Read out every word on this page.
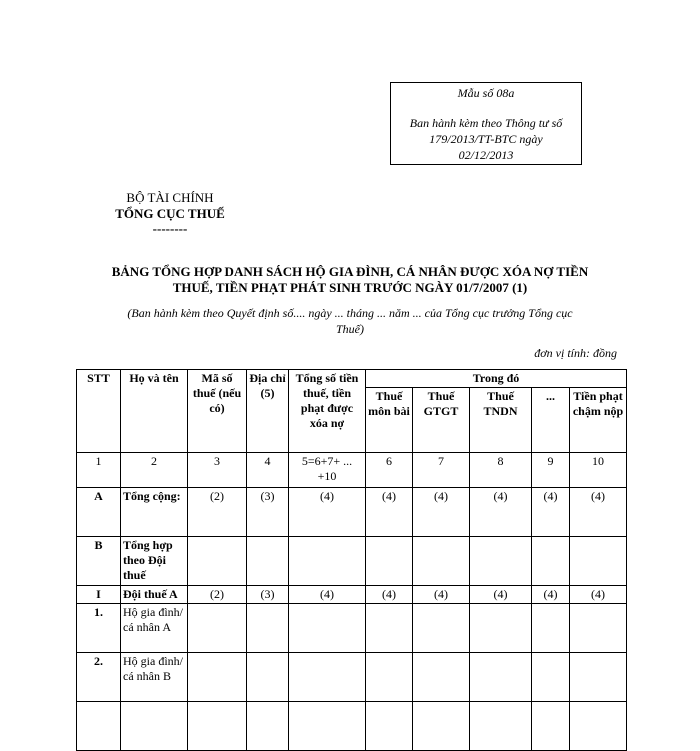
Mẫu số 08a
Ban hành kèm theo Thông tư số
179/2013/TT-BTC ngày
02/12/2013
BỘ TÀI CHÍNH
TỔNG CỤC THUẾ
--------
BẢNG TỔNG HỢP DANH SÁCH HỘ GIA ĐÌNH, CÁ NHÂN ĐƯỢC XÓA NỢ TIỀN
THUẾ, TIỀN PHẠT PHÁT SINH TRƯỚC NGÀY 01/7/2007 (1)
(Ban hành kèm theo Quyết định số.... ngày ... tháng ... năm ... của Tổng cục trưởng Tổng cục
Thuế)
đơn vị tính: đồng
STT	Họ và tên	Mã số thuế (nếu có)	Địa chỉ (5)	Tổng số tiền thuế, tiền phạt được xóa nợ	Trong đó				
					Thuế môn bài	Thuế GTGT	Thuế TNDN	...	Tiền phạt chậm nộp
1	2	3	4	5=6+7+ ... +10	6	7	8	9	10
A	Tổng cộng:	(2)	(3)	(4)	(4)	(4)	(4)	(4)	(4)
B	Tổng hợp theo Đội thuế								
I	Đội thuế A	(2)	(3)	(4)	(4)	(4)	(4)	(4)	(4)
1.	Hộ gia đình/ cá nhân A								
2.	Hộ gia đình/ cá nhân B								
